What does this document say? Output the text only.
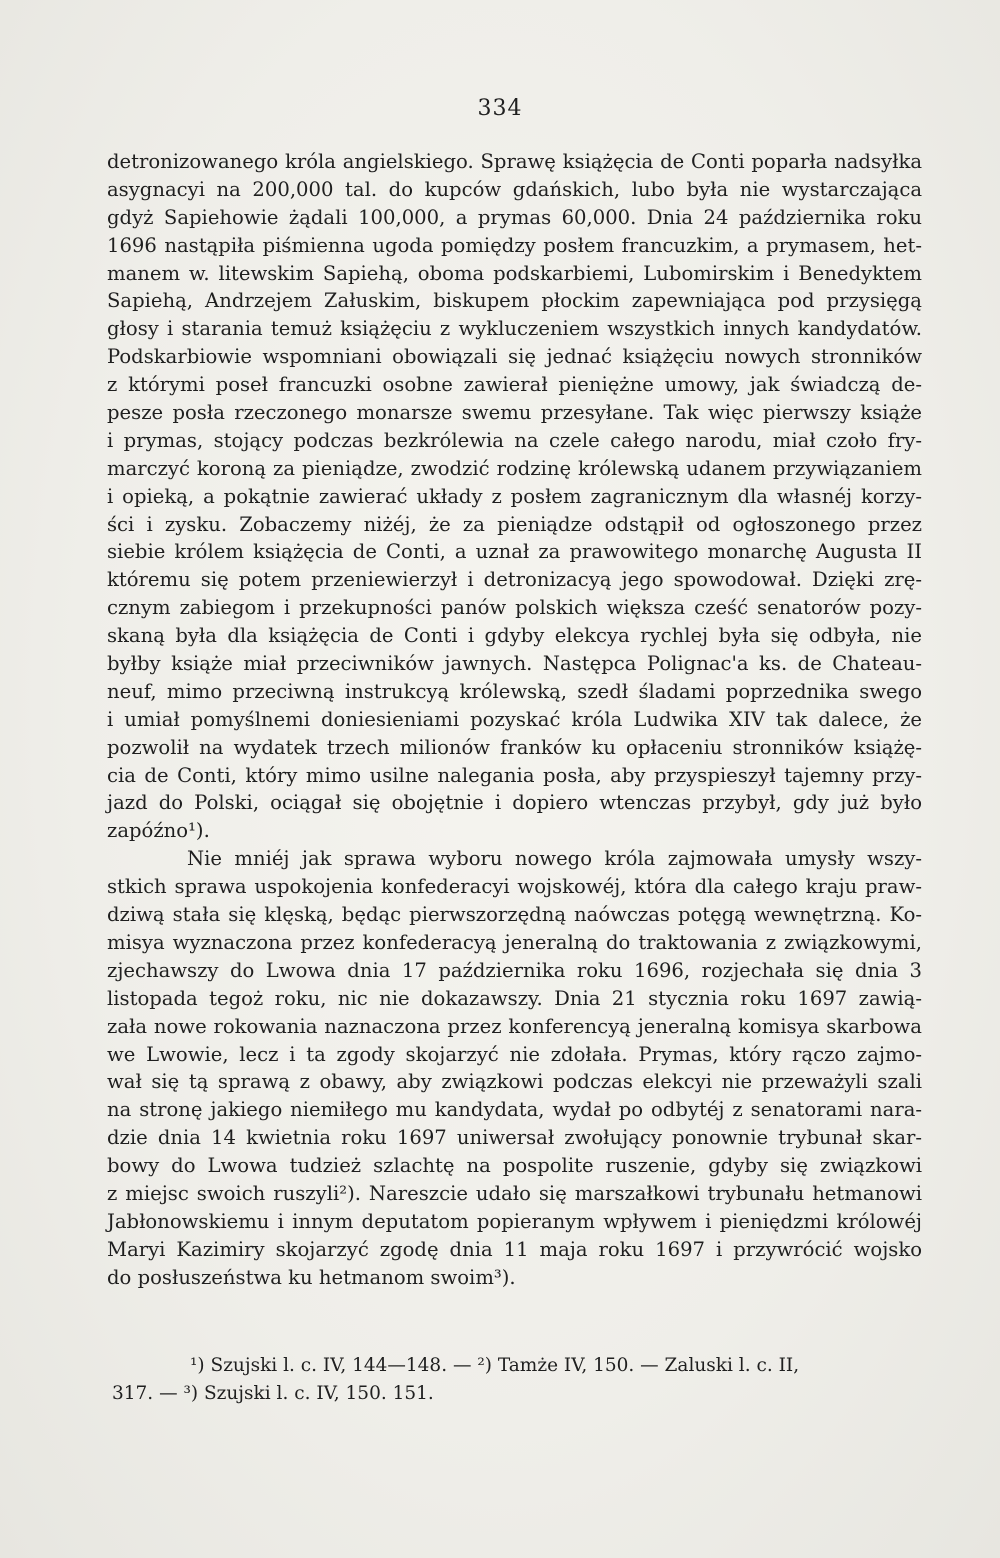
334
detronizowanego króla angielskiego. Sprawę książęcia de Conti poparła nadsyłka
asygnacyi na 200,000 tal. do kupców gdańskich, lubo była nie wystarczająca
gdyż Sapiehowie żądali 100,000, a prymas 60,000. Dnia 24 października roku
1696 nastąpiła piśmienna ugoda pomiędzy posłem francuzkim, a prymasem, het-
manem w. litewskim Sapiehą, oboma podskarbiemi, Lubomirskim i Benedyktem
Sapiehą, Andrzejem Załuskim, biskupem płockim zapewniająca pod przysięgą
głosy i starania temuż książęciu z wykluczeniem wszystkich innych kandydatów.
Podskarbiowie wspomniani obowiązali się jednać książęciu nowych stronników
z którymi poseł francuzki osobne zawierał pieniężne umowy, jak świadczą de-
pesze posła rzeczonego monarsze swemu przesyłane. Tak więc pierwszy książe
i prymas, stojący podczas bezkrólewia na czele całego narodu, miał czoło fry-
marczyć koroną za pieniądze, zwodzić rodzinę królewską udanem przywiązaniem
i opieką, a pokątnie zawierać układy z posłem zagranicznym dla własnéj korzy-
ści i zysku. Zobaczemy niżéj, że za pieniądze odstąpił od ogłoszonego przez
siebie królem książęcia de Conti, a uznał za prawowitego monarchę Augusta II
któremu się potem przeniewierzył i detronizacyą jego spowodował. Dzięki zrę-
cznym zabiegom i przekupności panów polskich większa cześć senatorów pozy-
skaną była dla książęcia de Conti i gdyby elekcya rychlej była się odbyła, nie
byłby książe miał przeciwników jawnych. Następca Polignac'a ks. de Chateau-
neuf, mimo przeciwną instrukcyą królewską, szedł śladami poprzednika swego
i umiał pomyślnemi doniesieniami pozyskać króla Ludwika XIV tak dalece, że
pozwolił na wydatek trzech milionów franków ku opłaceniu stronników książę-
cia de Conti, który mimo usilne nalegania posła, aby przyspieszył tajemny przy-
jazd do Polski, ociągał się obojętnie i dopiero wtenczas przybył, gdy już było
zapóźno¹).
Nie mniéj jak sprawa wyboru nowego króla zajmowała umysły wszy-
stkich sprawa uspokojenia konfederacyi wojskowéj, która dla całego kraju praw-
dziwą stała się klęską, będąc pierwszorzędną naówczas potęgą wewnętrzną. Ko-
misya wyznaczona przez konfederacyą jeneralną do traktowania z związkowymi,
zjechawszy do Lwowa dnia 17 października roku 1696, rozjechała się dnia 3
listopada tegoż roku, nic nie dokazawszy. Dnia 21 stycznia roku 1697 zawią-
zała nowe rokowania naznaczona przez konferencyą jeneralną komisya skarbowa
we Lwowie, lecz i ta zgody skojarzyć nie zdołała. Prymas, który rączo zajmo-
wał się tą sprawą z obawy, aby związkowi podczas elekcyi nie przeważyli szali
na stronę jakiego niemiłego mu kandydata, wydał po odbytéj z senatorami nara-
dzie dnia 14 kwietnia roku 1697 uniwersał zwołujący ponownie trybunał skar-
bowy do Lwowa tudzież szlachtę na pospolite ruszenie, gdyby się związkowi
z miejsc swoich ruszyli²). Nareszcie udało się marszałkowi trybunału hetmanowi
Jabłonowskiemu i innym deputatom popieranym wpływem i pieniędzmi królowéj
Maryi Kazimiry skojarzyć zgodę dnia 11 maja roku 1697 i przywrócić wojsko
do posłuszeństwa ku hetmanom swoim³).
¹) Szujski l. c. IV, 144—148. — ²) Tamże IV, 150. — Zaluski l. c. II,
317. — ³) Szujski l. c. IV, 150. 151.
